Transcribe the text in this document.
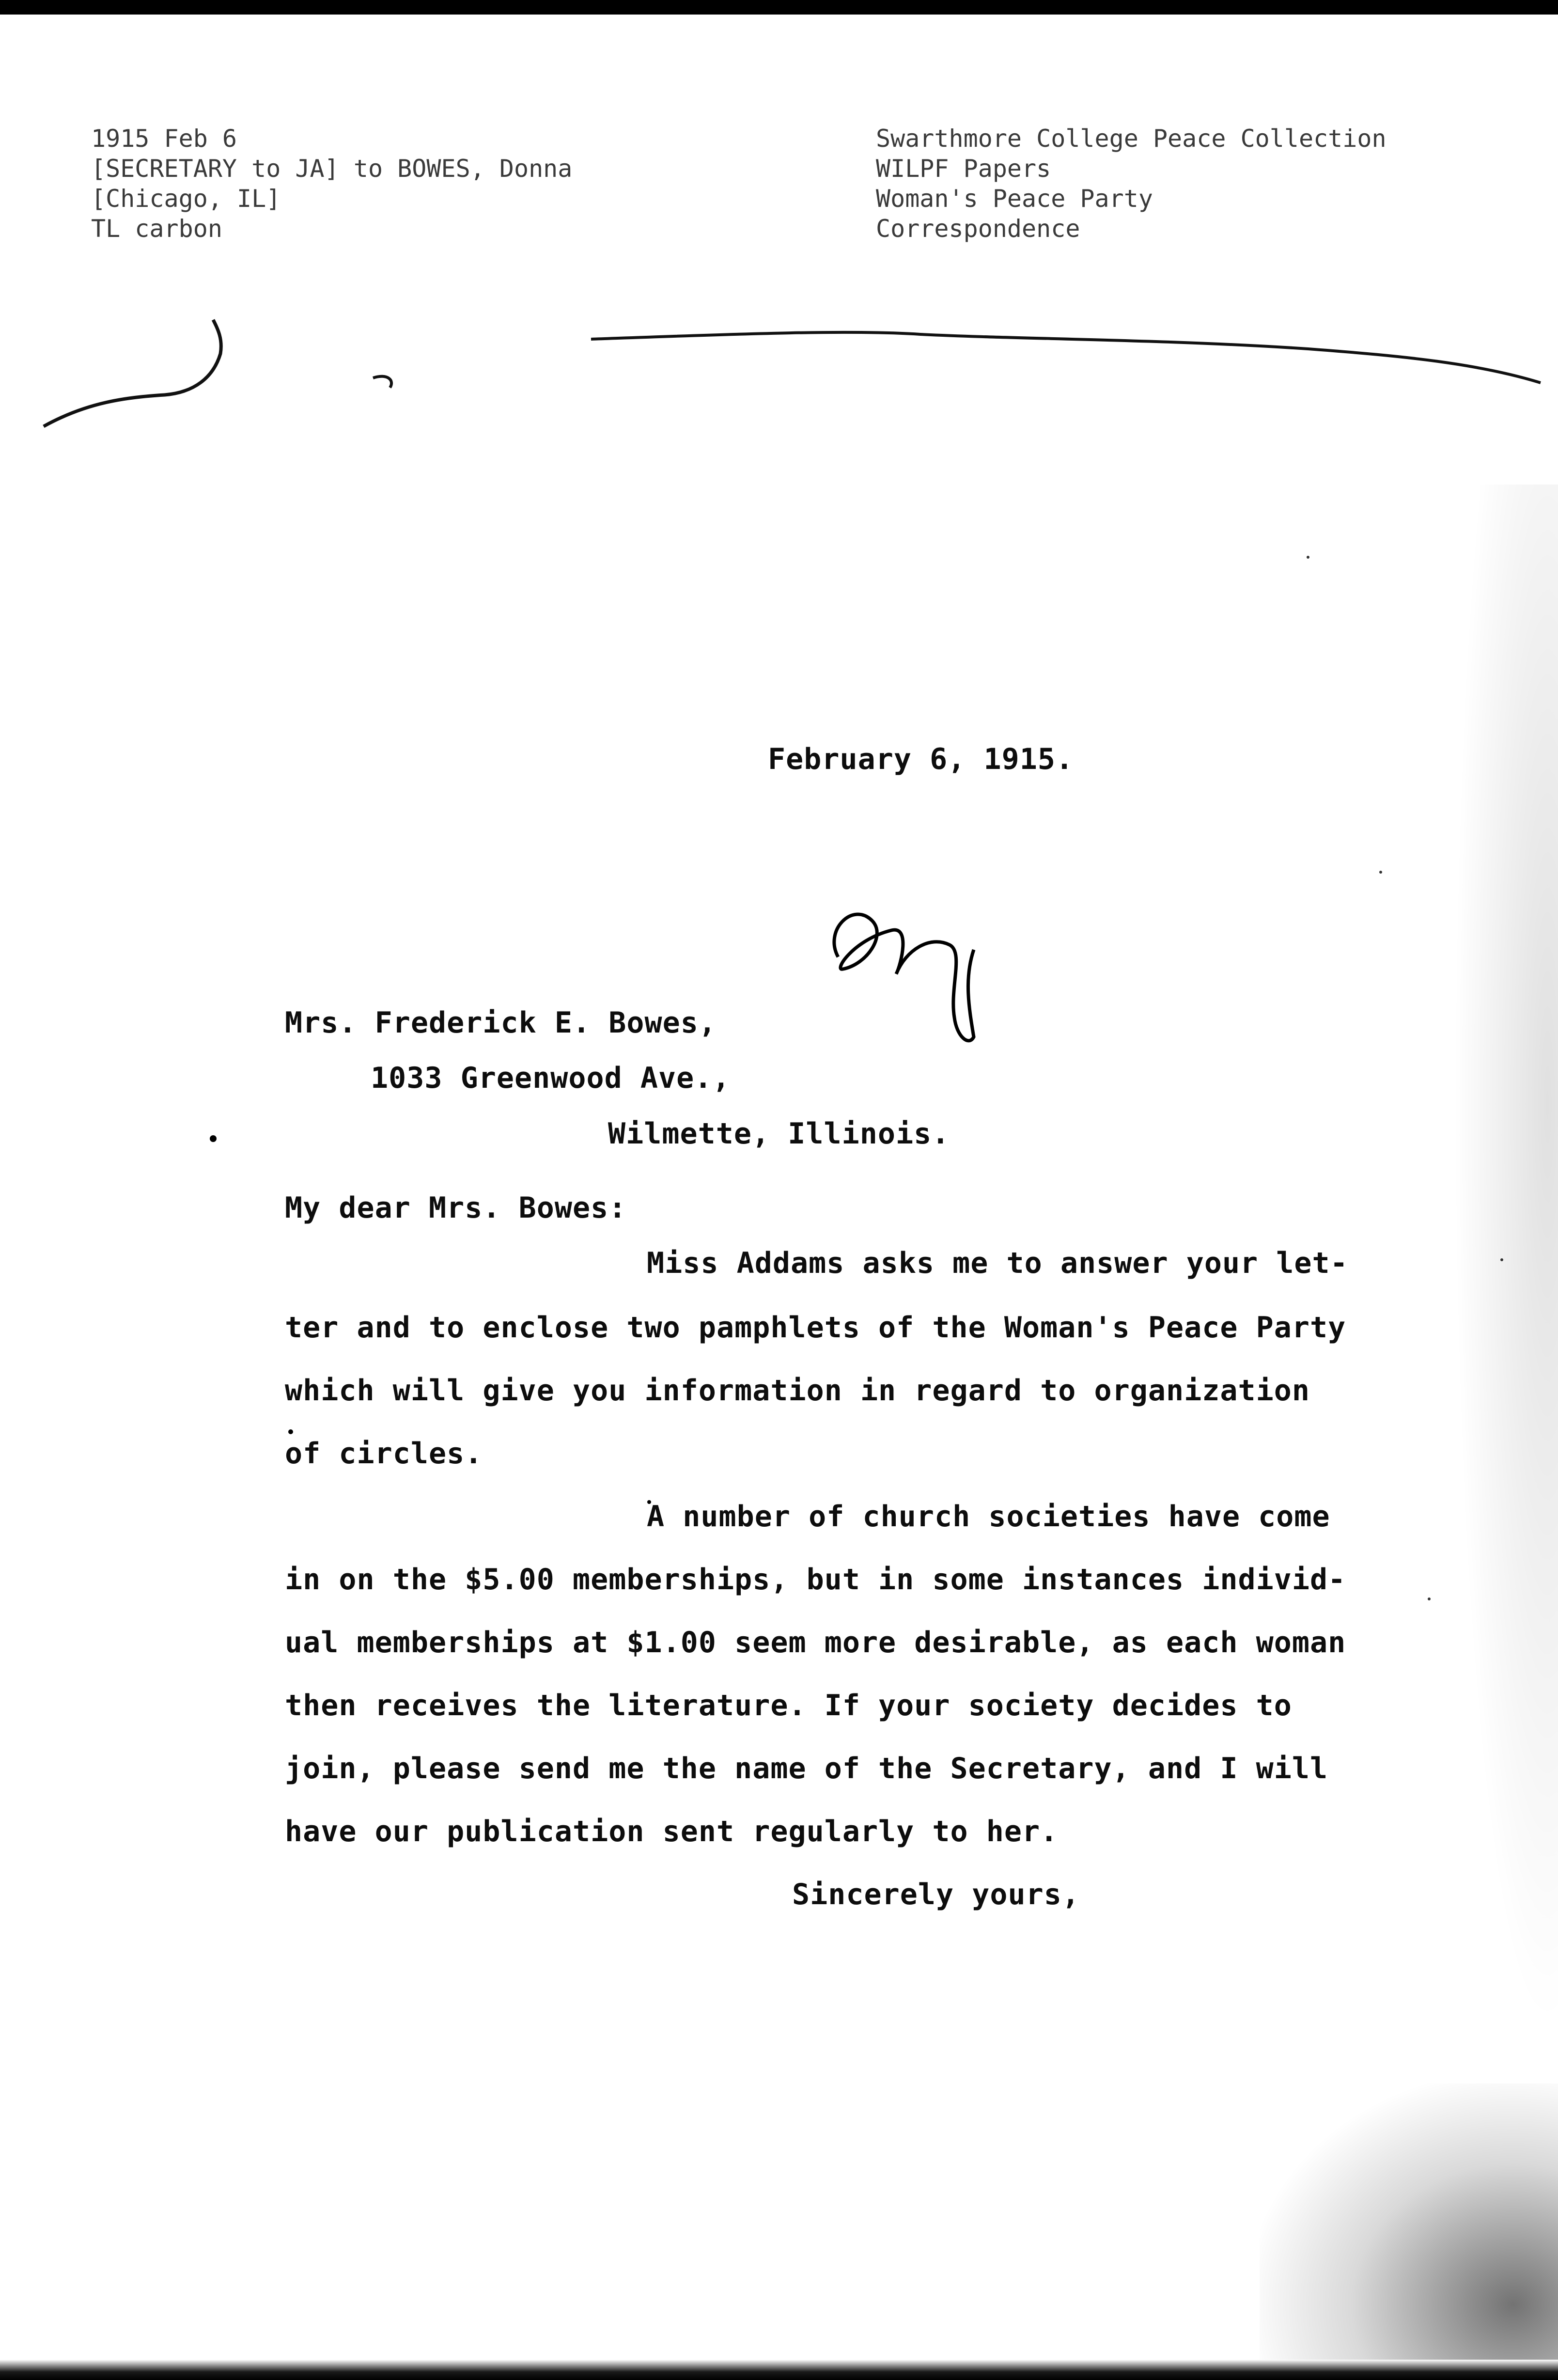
1915 Feb 6
[SECRETARY to JA] to BOWES, Donna
[Chicago, IL]
TL carbon
Swarthmore College Peace Collection
WILPF Papers
Woman's Peace Party
Correspondence
February 6, 1915.
Mrs. Frederick E. Bowes,
1033 Greenwood Ave.,
Wilmette, Illinois.
My dear Mrs. Bowes:
Miss Addams asks me to answer your let-
ter and to enclose two pamphlets of the Woman's Peace Party
which will give you information in regard to organization
of circles.
A number of church societies have come
in on the $5.00 memberships, but in some instances individ-
ual memberships at $1.00 seem more desirable, as each woman
then receives the literature. If your society decides to
join, please send me the name of the Secretary, and I will
have our publication sent regularly to her.
Sincerely yours,
